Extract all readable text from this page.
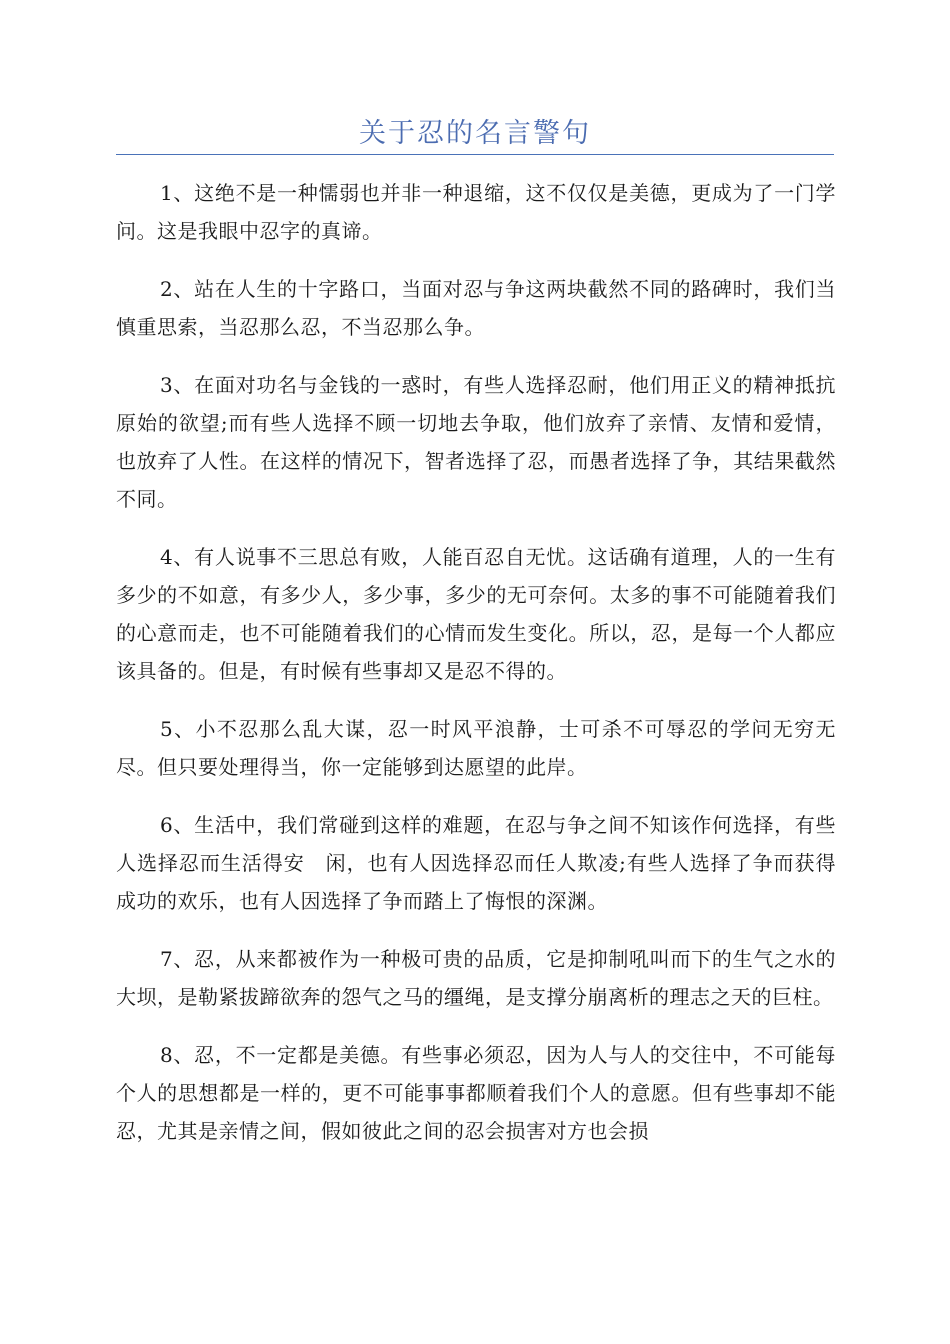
关于忍的名言警句

1、这绝不是一种懦弱也并非一种退缩，这不仅仅是美德，更成为了一门学问。这是我眼中忍字的真谛。

2、站在人生的十字路口，当面对忍与争这两块截然不同的路碑时，我们当慎重思索，当忍那么忍，不当忍那么争。

3、在面对功名与金钱的一惑时，有些人选择忍耐，他们用正义的精神抵抗原始的欲望;而有些人选择不顾一切地去争取，他们放弃了亲情、友情和爱情，也放弃了人性。在这样的情况下，智者选择了忍，而愚者选择了争，其结果截然不同。

4、有人说事不三思总有败，人能百忍自无忧。这话确有道理，人的一生有多少的不如意，有多少人，多少事，多少的无可奈何。太多的事不可能随着我们的心意而走，也不可能随着我们的心情而发生变化。所以，忍，是每一个人都应该具备的。但是，有时候有些事却又是忍不得的。

5、小不忍那么乱大谋，忍一时风平浪静，士可杀不可辱忍的学问无穷无尽。但只要处理得当，你一定能够到达愿望的此岸。

6、生活中，我们常碰到这样的难题，在忍与争之间不知该作何选择，有些人选择忍而生活得安　闲，也有人因选择忍而任人欺凌;有些人选择了争而获得成功的欢乐，也有人因选择了争而踏上了悔恨的深渊。

7、忍，从来都被作为一种极可贵的品质，它是抑制吼叫而下的生气之水的大坝，是勒紧拔蹄欲奔的怨气之马的缰绳，是支撑分崩离析的理志之天的巨柱。

8、忍，不一定都是美德。有些事必须忍，因为人与人的交往中，不可能每个人的思想都是一样的，更不可能事事都顺着我们个人的意愿。但有些事却不能忍，尤其是亲情之间，假如彼此之间的忍会损害对方也会损
